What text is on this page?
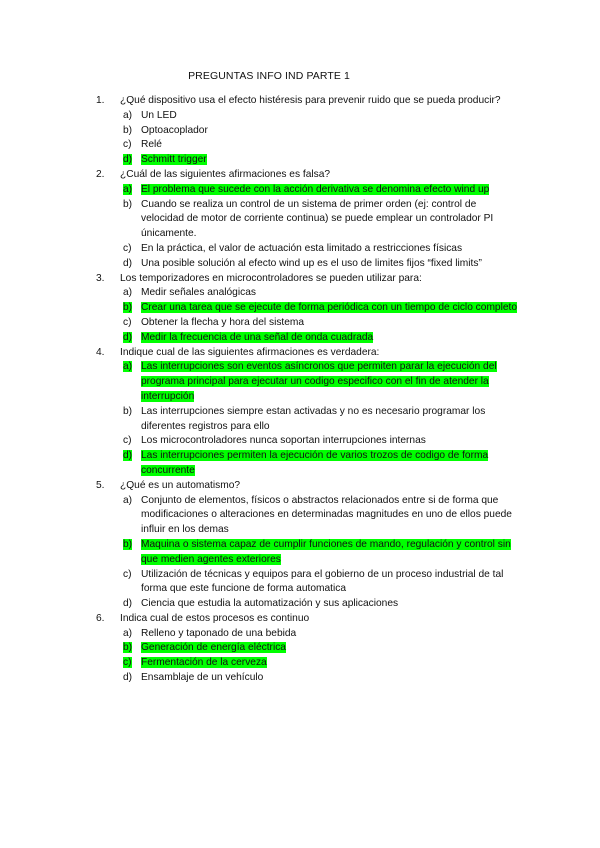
PREGUNTAS INFO IND PARTE 1
1.	¿Qué dispositivo usa el efecto histéresis para prevenir ruido que se pueda producir?
a) Un LED
b) Optoacoplador
c) Relé
d) Schmitt trigger
2.	¿Cuál de las siguientes afirmaciones es falsa?
a) El problema que sucede con la acción derivativa se denomina efecto wind up
b) Cuando se realiza un control de un sistema de primer orden (ej: control de velocidad de motor de corriente continua) se puede emplear un controlador PI únicamente.
c) En la práctica, el valor de actuación esta limitado a restricciones físicas
d) Una posible solución al efecto wind up es el uso de limites fijos “fixed limits”
3.	Los temporizadores en microcontroladores se pueden utilizar para:
a) Medir señales analógicas
b) Crear una tarea que se ejecute de forma periódica con un tiempo de ciclo completo
c) Obtener la flecha y hora del sistema
d) Medir la frecuencia de una señal de onda cuadrada
4.	Indique cual de las siguientes afirmaciones es verdadera:
a) Las interrupciones son eventos asíncronos que permiten parar la ejecución del programa principal para ejecutar un codigo especifico con el fin de atender la interrupción
b) Las interrupciones siempre estan activadas y no es necesario programar los diferentes registros para ello
c) Los microcontroladores nunca soportan interrupciones internas
d) Las interrupciones permiten la ejecución de varios trozos de codigo de forma concurrente
5.	¿Qué es un automatismo?
a) Conjunto de elementos, físicos o abstractos relacionados entre si de forma que modificaciones o alteraciones en determinadas magnitudes en uno de ellos puede influir en los demas
b) Maquina o sistema capaz de cumplir funciones de mando, regulación y control sin que medien agentes exteriores
c) Utilización de técnicas y equipos para el gobierno de un proceso industrial de tal forma que este funcione de forma automatica
d) Ciencia que estudia la automatización y sus aplicaciones
6.	Indica cual de estos procesos es continuo
a) Relleno y taponado de una bebida
b) Generación de energía eléctrica
c) Fermentación de la cerveza
d) Ensamblaje de un vehículo
